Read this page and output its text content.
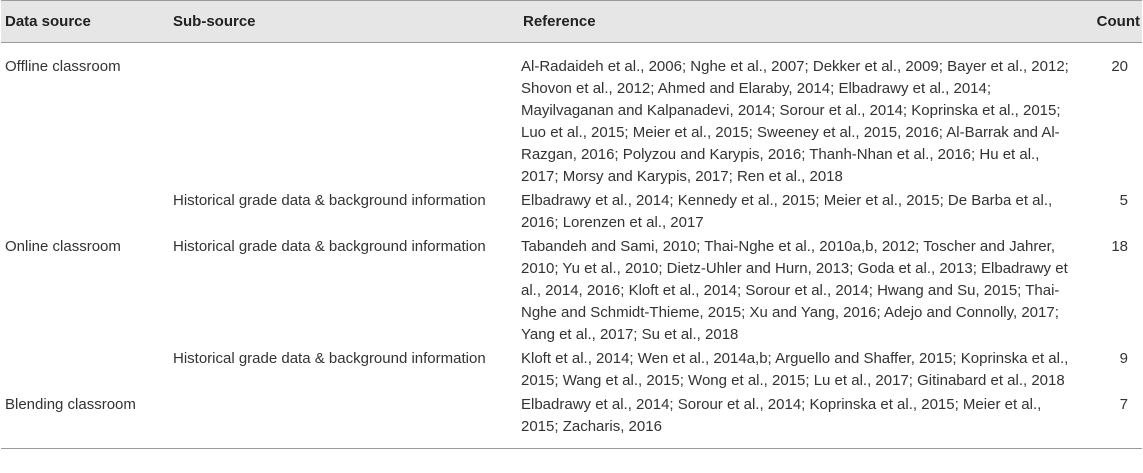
Data source	Sub-source	Reference	Count
Offline classroom		Al-Radaideh et al., 2006; Nghe et al., 2007; Dekker et al., 2009; Bayer et al., 2012; Shovon et al., 2012; Ahmed and Elaraby, 2014; Elbadrawy et al., 2014; Mayilvaganan and Kalpanadevi, 2014; Sorour et al., 2014; Koprinska et al., 2015; Luo et al., 2015; Meier et al., 2015; Sweeney et al., 2015, 2016; Al-Barrak and Al-Razgan, 2016; Polyzou and Karypis, 2016; Thanh-Nhan et al., 2016; Hu et al., 2017; Morsy and Karypis, 2017; Ren et al., 2018	20
	Historical grade data & background information	Elbadrawy et al., 2014; Kennedy et al., 2015; Meier et al., 2015; De Barba et al., 2016; Lorenzen et al., 2017	5
Online classroom	Historical grade data & background information	Tabandeh and Sami, 2010; Thai-Nghe et al., 2010a,b, 2012; Toscher and Jahrer, 2010; Yu et al., 2010; Dietz-Uhler and Hurn, 2013; Goda et al., 2013; Elbadrawy et al., 2014, 2016; Kloft et al., 2014; Sorour et al., 2014; Hwang and Su, 2015; Thai-Nghe and Schmidt-Thieme, 2015; Xu and Yang, 2016; Adejo and Connolly, 2017; Yang et al., 2017; Su et al., 2018	18
	Historical grade data & background information	Kloft et al., 2014; Wen et al., 2014a,b; Arguello and Shaffer, 2015; Koprinska et al., 2015; Wang et al., 2015; Wong et al., 2015; Lu et al., 2017; Gitinabard et al., 2018	9
Blending classroom		Elbadrawy et al., 2014; Sorour et al., 2014; Koprinska et al., 2015; Meier et al., 2015; Zacharis, 2016	7
